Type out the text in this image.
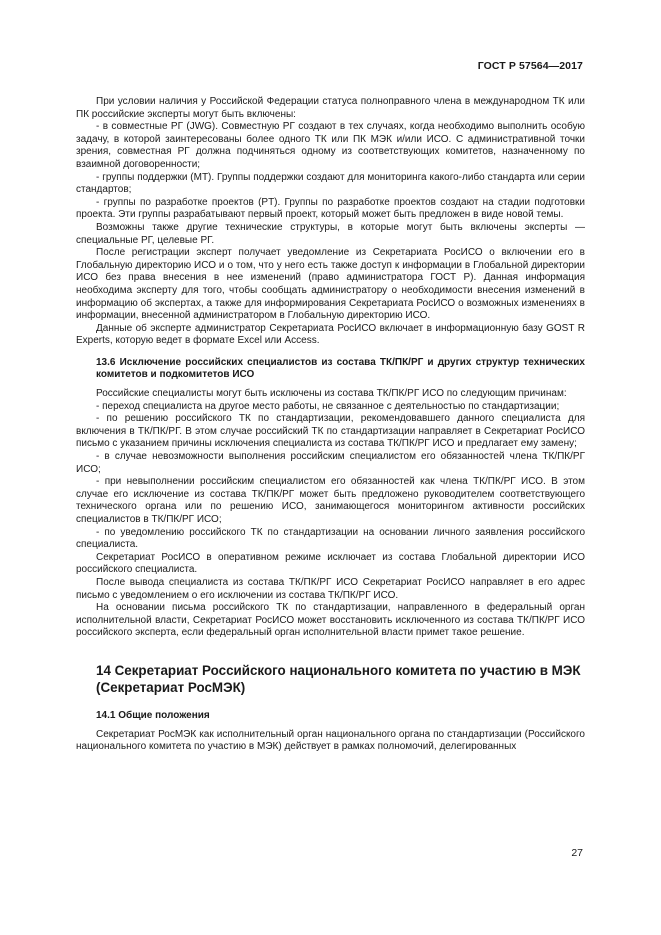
ГОСТ Р 57564—2017

При условии наличия у Российской Федерации статуса полноправного члена в международном ТК или ПК российские эксперты могут быть включены:

- в совместные РГ (JWG). Совместную РГ создают в тех случаях, когда необходимо выполнить особую задачу, в которой заинтересованы более одного ТК или ПК МЭК и/или ИСО. С административной точки зрения, совместная РГ должна подчиняться одному из соответствующих комитетов, назначенному по взаимной договоренности;

- группы поддержки (MT). Группы поддержки создают для мониторинга какого-либо стандарта или серии стандартов;

- группы по разработке проектов (PT). Группы по разработке проектов создают на стадии подготовки проекта. Эти группы разрабатывают первый проект, который может быть предложен в виде новой темы.

Возможны также другие технические структуры, в которые могут быть включены эксперты — специальные РГ, целевые РГ.

После регистрации эксперт получает уведомление из Секретариата РосИСО о включении его в Глобальную директорию ИСО и о том, что у него есть также доступ к информации в Глобальной директории ИСО без права внесения в нее изменений (право администратора ГОСТ Р). Данная информация необходима эксперту для того, чтобы сообщать администратору о необходимости внесения изменений в информацию об экспертах, а также для информирования Секретариата РосИСО о возможных изменениях в информации, внесенной администратором в Глобальную директорию ИСО.

Данные об эксперте администратор Секретариата РосИСО включает в информационную базу GOST R Experts, которую ведет в формате Excel или Access.

13.6 Исключение российских специалистов из состава ТК/ПК/РГ и других структур технических комитетов и подкомитетов ИСО

Российские специалисты могут быть исключены из состава ТК/ПК/РГ ИСО по следующим причинам:

- переход специалиста на другое место работы, не связанное с деятельностью по стандартизации;

- по решению российского ТК по стандартизации, рекомендовавшего данного специалиста для включения в ТК/ПК/РГ. В этом случае российский ТК по стандартизации направляет в Секретариат РосИСО письмо с указанием причины исключения специалиста из состава ТК/ПК/РГ ИСО и предлагает ему замену;

- в случае невозможности выполнения российским специалистом его обязанностей члена ТК/ПК/РГ ИСО;

- при невыполнении российским специалистом его обязанностей как члена ТК/ПК/РГ ИСО. В этом случае его исключение из состава ТК/ПК/РГ может быть предложено руководителем соответствующего технического органа или по решению ИСО, занимающегося мониторингом активности российских специалистов в ТК/ПК/РГ ИСО;

- по уведомлению российского ТК по стандартизации на основании личного заявления российского специалиста.

Секретариат РосИСО в оперативном режиме исключает из состава Глобальной директории ИСО российского специалиста.

После вывода специалиста из состава ТК/ПК/РГ ИСО Секретариат РосИСО направляет в его адрес письмо с уведомлением о его исключении из состава ТК/ПК/РГ ИСО.

На основании письма российского ТК по стандартизации, направленного в федеральный орган исполнительной власти, Секретариат РосИСО может восстановить исключенного из состава ТК/ПК/РГ ИСО российского эксперта, если федеральный орган исполнительной власти примет такое решение.

14 Секретариат Российского национального комитета по участию в МЭК (Секретариат РосМЭК)
14.1 Общие положения

Секретариат РосМЭК как исполнительный орган национального органа по стандартизации (Российского национального комитета по участию в МЭК) действует в рамках полномочий, делегированных

27
